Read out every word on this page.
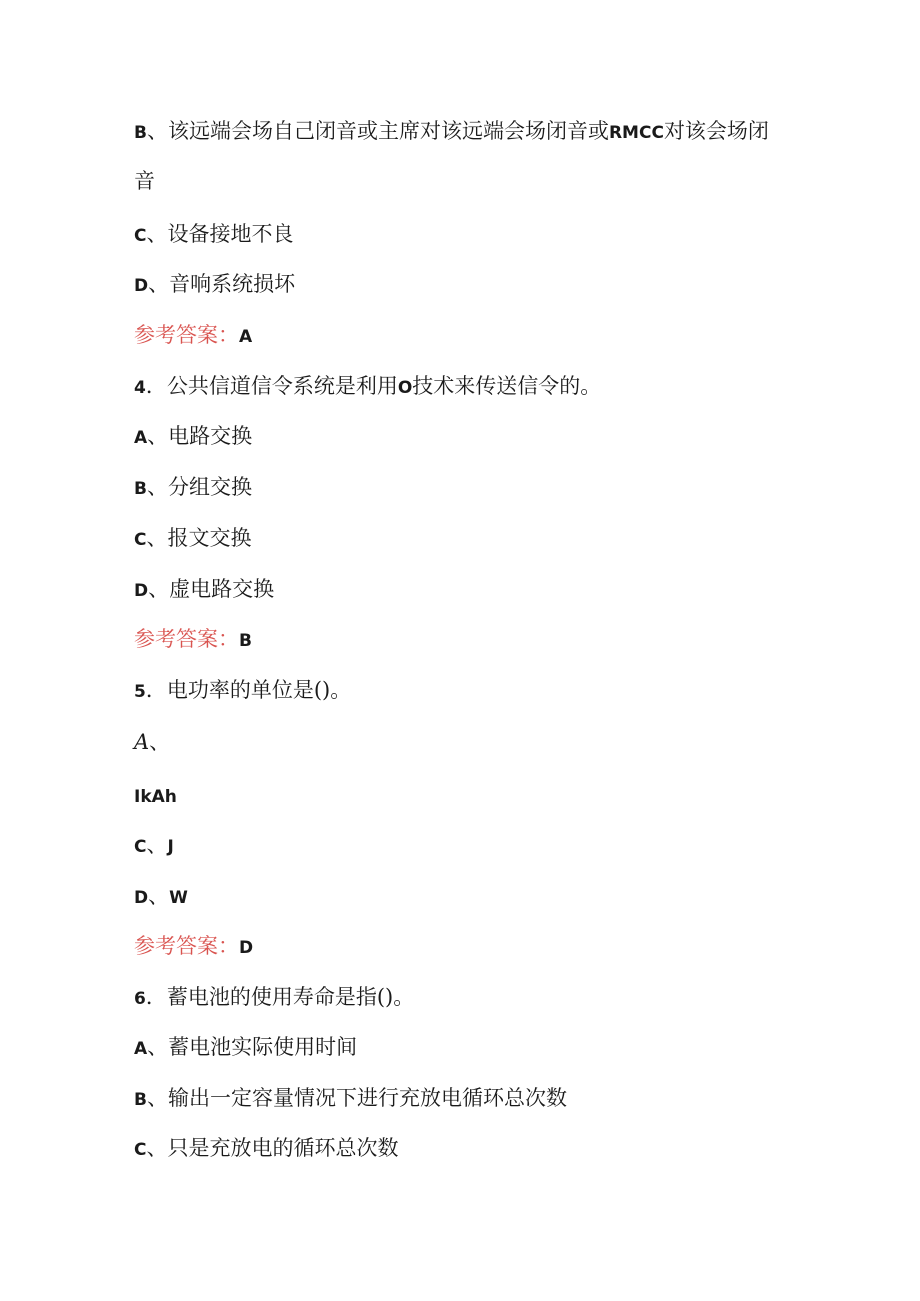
B、该远端会场自己闭音或主席对该远端会场闭音或RMCC对该会场闭
音
C、设备接地不良
D、音响系统损坏
参考答案：A
4．公共信道信令系统是利用O技术来传送信令的。
A、电路交换
B、分组交换
C、报文交换
D、虚电路交换
参考答案：B
5．电功率的单位是()。
A、
IkAh
C、J
D、W
参考答案：D
6．蓄电池的使用寿命是指()。
A、蓄电池实际使用时间
B、输出一定容量情况下进行充放电循环总次数
C、只是充放电的循环总次数
